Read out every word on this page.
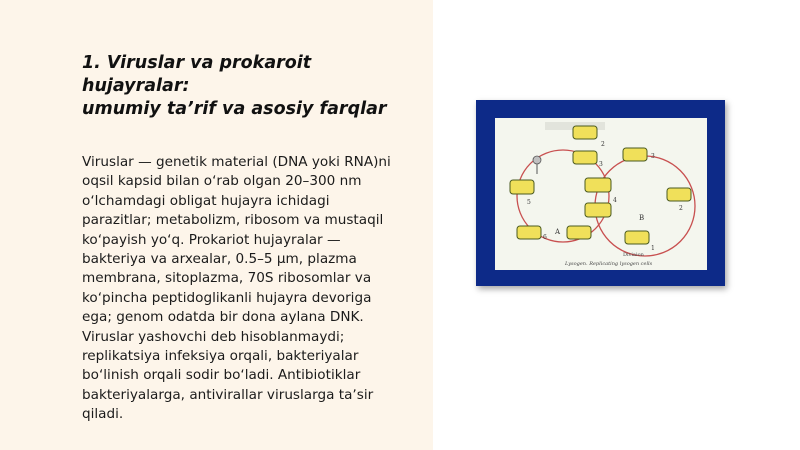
1. Viruslar va prokaroit hujayralar:
umumiy taʼrif va asosiy farqlar
Viruslar — genetik material (DNA yoki RNA)ni
oqsil kapsid bilan oʻrab olgan 20–300 nm
oʻlchamdagi obligat hujayra ichidagi
parazitlar; metabolizm, ribosom va mustaqil
koʻpayish yoʻq. Prokariot hujayralar —
bakteriya va arxealar, 0.5–5 µm, plazma
membrana, sitoplazma, 70S ribosomlar va
koʻpincha peptidoglikanli hujayra devoriga
ega; genom odatda bir dona aylana DNK.
Viruslar yashovchi deb hisoblanmaydi;
replikatsiya infeksiya orqali, bakteriyalar
boʻlinish orqali sodir boʻladi. Antibiotiklar
bakteriyalarga, antivirallar viruslarga taʼsir
qiladi.
A
B
2
3
4
5
6
1
2
3
Diviaion
Lysogen. Replicating lysogen cells
